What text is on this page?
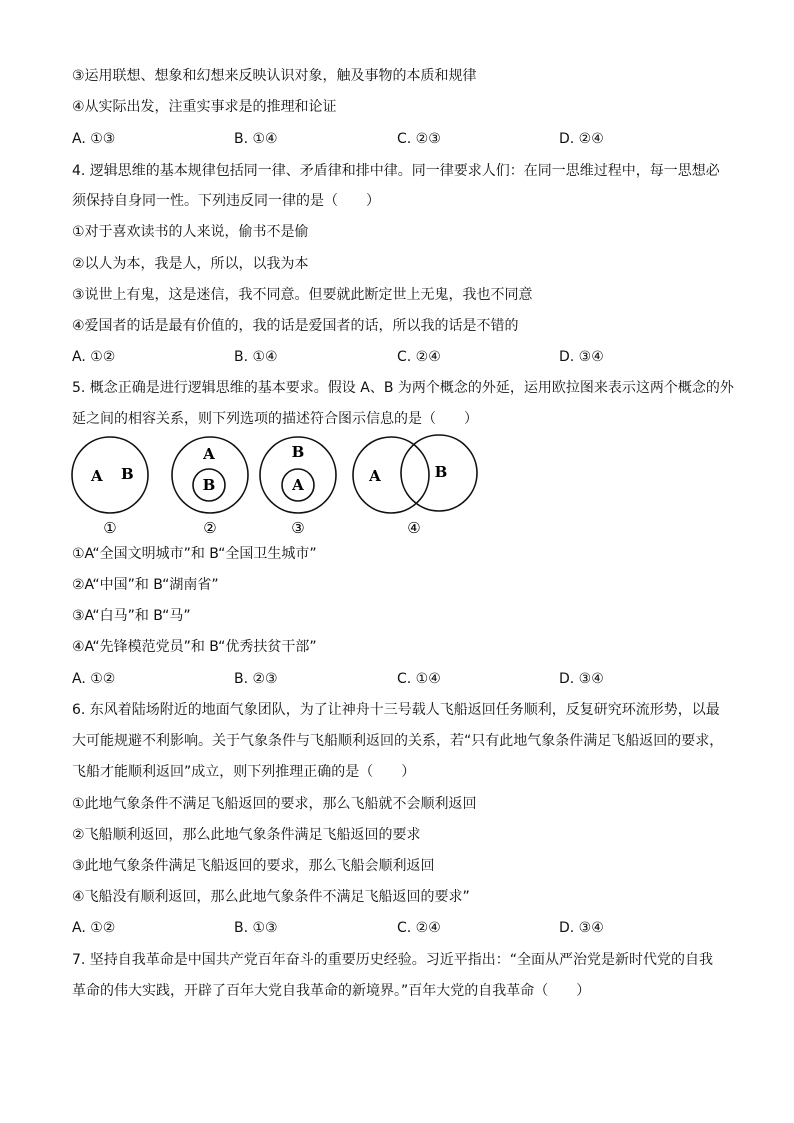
③运用联想、想象和幻想来反映认识对象，触及事物的本质和规律
④从实际出发，注重实事求是的推理和论证
A. ①③	B. ①④	C. ②③	D. ②④
4. 逻辑思维的基本规律包括同一律、矛盾律和排中律。同一律要求人们：在同一思维过程中，每一思想必
须保持自身同一性。下列违反同一律的是（　　）
①对于喜欢读书的人来说，偷书不是偷
②以人为本，我是人，所以，以我为本
③说世上有鬼，这是迷信，我不同意。但要就此断定世上无鬼，我也不同意
④爱国者的话是最有价值的，我的话是爱国者的话，所以我的话是不错的
A. ①②	B. ①④	C. ②④	D. ③④
5. 概念正确是进行逻辑思维的基本要求。假设 A、B 为两个概念的外延，运用欧拉图来表示这两个概念的外
延之间的相容关系，则下列选项的描述符合图示信息的是（　　）
A B
①
A
B
②
B
A
③
A	B
④
①A“全国文明城市”和 B“全国卫生城市”
②A“中国”和 B“湖南省”
③A“白马”和 B“马”
④A“先锋模范党员”和 B“优秀扶贫干部”
A. ①②	B. ②③	C. ①④	D. ③④
6. 东风着陆场附近的地面气象团队，为了让神舟十三号载人飞船返回任务顺利，反复研究环流形势，以最
大可能规避不利影响。关于气象条件与飞船顺利返回的关系，若“只有此地气象条件满足飞船返回的要求，
飞船才能顺利返回”成立，则下列推理正确的是（　　）
①此地气象条件不满足飞船返回的要求，那么飞船就不会顺利返回
②飞船顺利返回，那么此地气象条件满足飞船返回的要求
③此地气象条件满足飞船返回的要求，那么飞船会顺利返回
④飞船没有顺利返回，那么此地气象条件不满足飞船返回的要求”
A. ①②	B. ①③	C. ②④	D. ③④
7. 坚持自我革命是中国共产党百年奋斗的重要历史经验。习近平指出：“全面从严治党是新时代党的自我
革命的伟大实践，开辟了百年大党自我革命的新境界。”百年大党的自我革命（　　）
